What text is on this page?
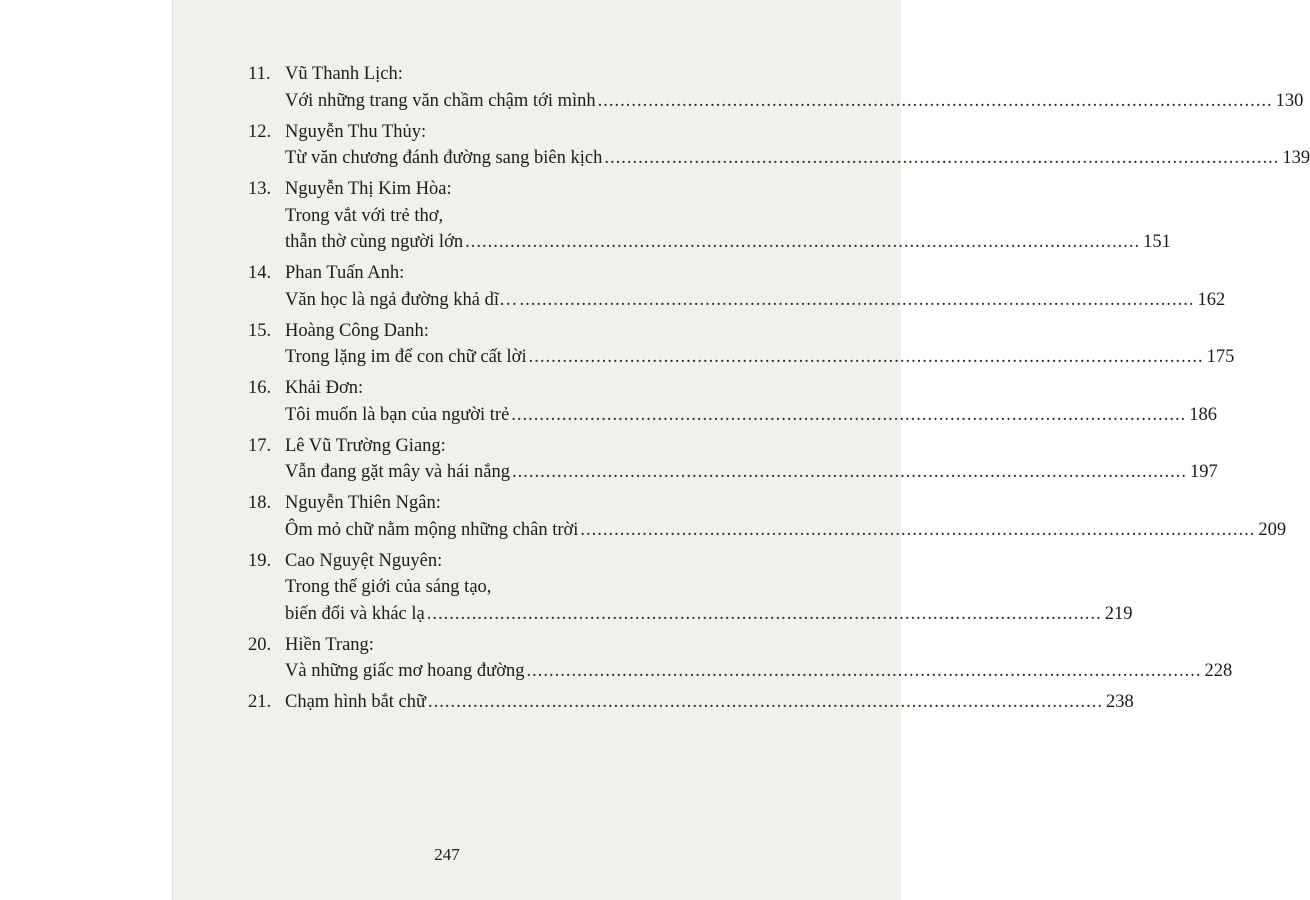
11. Vũ Thanh Lịch:
Với những trang văn chầm chậm tới mình ........................................................................................................................ 130
12. Nguyễn Thu Thủy:
Từ văn chương đánh đường sang biên kịch ........................................................................................................................ 139
13. Nguyễn Thị Kim Hòa:
Trong vắt với trẻ thơ,
thẫn thờ cùng người lớn ........................................................................................................................ 151
14. Phan Tuấn Anh:
Văn học là ngả đường khả dĩ… ........................................................................................................................ 162
15. Hoàng Công Danh:
Trong lặng im để con chữ cất lời ........................................................................................................................ 175
16. Khải Đơn:
Tôi muốn là bạn của người trẻ ........................................................................................................................ 186
17. Lê Vũ Trường Giang:
Vẫn đang gặt mây và hái nắng ........................................................................................................................ 197
18. Nguyễn Thiên Ngân:
Ôm mỏ chữ nằm mộng những chân trời ........................................................................................................................ 209
19. Cao Nguyệt Nguyên:
Trong thế giới của sáng tạo,
biến đổi và khác lạ ........................................................................................................................ 219
20. Hiền Trang:
Và những giấc mơ hoang đường ........................................................................................................................ 228
21. Chạm hình bắt chữ ........................................................................................................................ 238
247
